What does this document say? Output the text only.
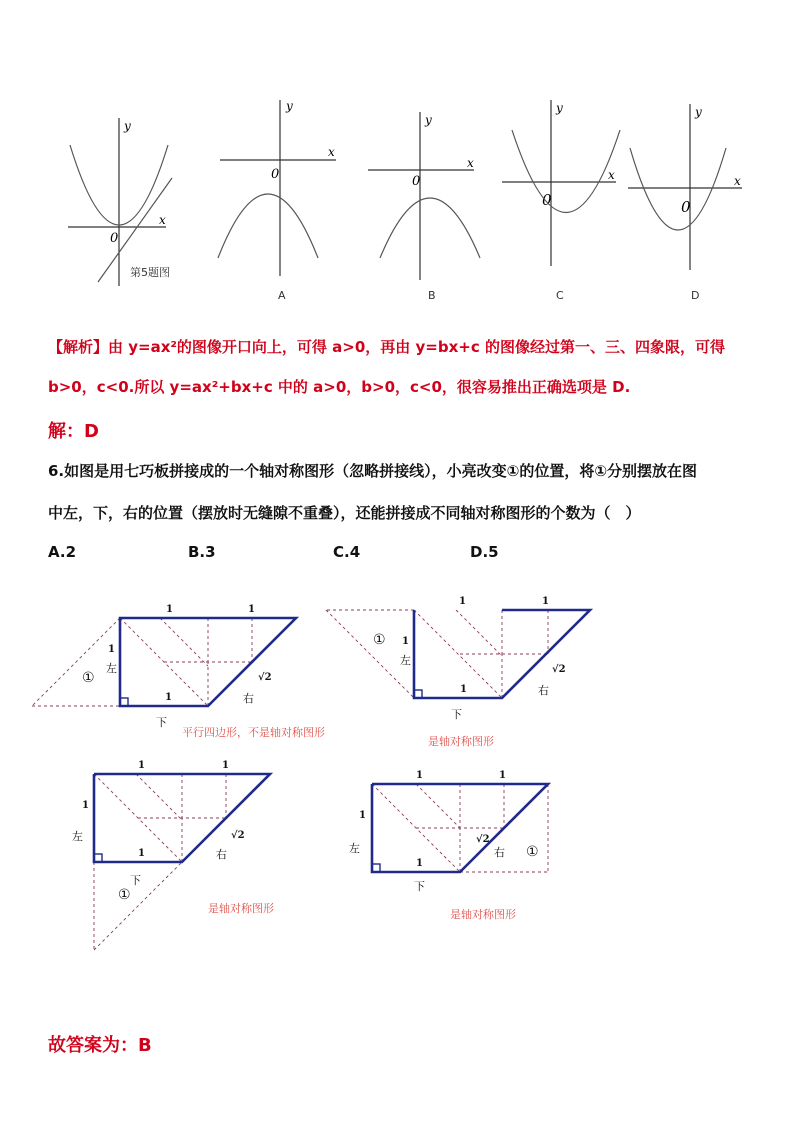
y
x
0
第5题图
y
x
0
A
y
x
0
B
y
x
0
C
y
x
0
D
【解析】由 y=ax²的图像开口向上，可得 a>0，再由 y=bx+c 的图像经过第一、三、四象限，可得
b>0，c<0.所以 y=ax²+bx+c 中的 a>0，b>0，c<0，很容易推出正确选项是 D.
解：D
6.如图是用七巧板拼接成的一个轴对称图形（忽略拼接线），小亮改变①的位置，将①分别摆放在图
中左，下，右的位置（摆放时无缝隙不重叠），还能拼接成不同轴对称图形的个数为（　）
A.2	B.3	C.4	D.5
1	1
1
1
√2
①
左
下
右
平行四边形，不是轴对称图形
1	1
1
1
√2
①
左
下
右
是轴对称图形
1	1
1
1
√2
①
左
下
右
是轴对称图形
1	1
1
1
√2
①
左
下
右
是轴对称图形
故答案为：B
